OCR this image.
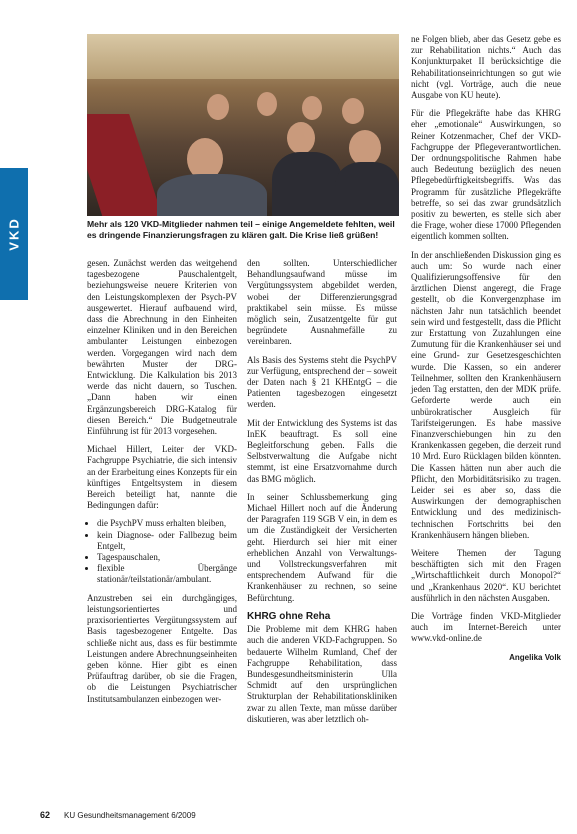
VKD	Mehr als 120 VKD-Mitglieder nahmen teil – einige Angemeldete fehlten, weil es dringende Finanzierungsfragen zu klären galt. Die Krise ließ grüßen!

gesen. Zunächst werden das weitgehend tagesbezogene Pauschalentgelt, beziehungsweise neuere Kriterien von den Leistungskomplexen der Psych-PV ausgewertet. Hierauf aufbauend wird, dass die Abrechnung in den Einheiten einzelner Kliniken und in den Bereichen ambulanter Leistungen einbezogen werden. Vorgegangen wird nach dem bewährten Muster der DRG-Entwicklung. Die Kalkulation bis 2013 werde das nicht dauern, so Tuschen. „Dann haben wir einen Ergänzungsbereich DRG-Katalog für diesen Bereich.“ Die Budgetneutrale Einführung ist für 2013 vorgesehen.

Michael Hillert, Leiter der VKD-Fachgruppe Psychiatrie, die sich intensiv an der Erarbeitung eines Konzepts für ein künftiges Entgeltsystem in diesem Bereich beteiligt hat, nannte die Bedingungen dafür:

• die PsychPV muss erhalten bleiben,
• kein Diagnose- oder Fallbezug beim Entgelt,
• Tagespauschalen,
• flexible Übergänge stationär/teilstationär/ambulant.

Anzustreben sei ein durchgängiges, leistungsorientiertes und praxisorientiertes Vergütungssystem auf Basis tagesbezogener Entgelte. Das schließe nicht aus, dass es für bestimmte Leistungen andere Abrechnungseinheiten geben könne. Hier gibt es einen Prüfauftrag darüber, ob sie die Fragen, ob die Leistungen Psychiatrischer Institutsambulanzen einbezogen wer-

den sollten. Unterschiedlicher Behandlungsaufwand müsse im Vergütungssystem abgebildet werden, wobei der Differenzierungsgrad praktikabel sein müsse. Es müsse möglich sein, Zusatzentgelte für gut begründete Ausnahmefälle zu vereinbaren.

Als Basis des Systems steht die PsychPV zur Verfügung, entsprechend der – soweit der Daten nach § 21 KHEntgG – die Patienten tagesbezogen eingesetzt werden.

Mit der Entwicklung des Systems ist das InEK beauftragt. Es soll eine Begleitforschung geben. Falls die Selbstverwaltung die Aufgabe nicht stemmt, ist eine Ersatzvornahme durch das BMG möglich.

In seiner Schlussbemerkung ging Michael Hillert noch auf die Änderung der Paragrafen 119 SGB V ein, in dem es um die Zuständigkeit der Versicherten geht. Hierdurch sei hier mit einer erheblichen Anzahl von Verwaltungs- und Vollstreckungsverfahren mit entsprechendem Aufwand für die Krankenhäuser zu rechnen, so seine Befürchtung.

KHRG ohne Reha

Die Probleme mit dem KHRG haben auch die anderen VKD-Fachgruppen. So bedauerte Wilhelm Rumland, Chef der Fachgruppe Rehabilitation, dass Bundesgesundheitsministerin Ulla Schmidt auf den ursprünglichen Strukturplan der Rehabilitationskliniken zwar zu allen Texte, man müsse darüber diskutieren, was aber letztlich oh-

ne Folgen blieb, aber das Gesetz gebe es zur Rehabilitation nichts.“ Auch das Konjunkturpaket II berücksichtige die Rehabilitationseinrichtungen so gut wie nicht (vgl. Vorträge, auch die neue Ausgabe von KU heute).

Für die Pflegekräfte habe das KHRG eher „emotionale“ Auswirkungen, so Reiner Kotzenmacher, Chef der VKD-Fachgruppe der Pflegeverantwortlichen. Der ordnungspolitische Rahmen habe auch Bedeutung bezüglich des neuen Pflegebedürftigkeitsbegriffs. Was das Programm für zusätzliche Pflegekräfte betreffe, so sei das zwar grundsätzlich positiv zu bewerten, es stelle sich aber die Frage, woher diese 17000 Pflegenden eigentlich kommen sollten.

In der anschließenden Diskussion ging es auch um: So wurde nach einer Qualifizierungsoffensive für den ärztlichen Dienst angeregt, die Frage gestellt, ob die Konvergenzphase im nächsten Jahr nun tatsächlich beendet sein wird und festgestellt, dass die Pflicht zur Erstattung von Zuzahlungen eine Zumutung für die Krankenhäuser sei und eine Grund- zur Gesetzesgeschichten wurde. Die Kassen, so ein anderer Teilnehmer, sollten den Krankenhäusern jeden Tag erstatten, den der MDK prüfe. Geforderte werde auch ein unbürokratischer Ausgleich für Tarifsteigerungen. Es habe massive Finanzverschiebungen hin zu den Krankenkassen gegeben, die derzeit rund 10 Mrd. Euro Rücklagen bilden könnten. Die Kassen hätten nun aber auch die Pflicht, den Morbiditätsrisiko zu tragen. Leider sei es aber so, dass die Auswirkungen der demographischen Entwicklung und des medizinisch-technischen Fortschritts bei den Krankenhäusern hängen blieben.

Weitere Themen der Tagung beschäftigten sich mit den Fragen „Wirtschaftlichkeit durch Monopol?“ und „Krankenhaus 2020“. KU berichtet ausführlich in den nächsten Ausgaben.

Die Vorträge finden VKD-Mitglieder auch im Internet-Bereich unter www.vkd-online.de

Angelika Volk
62 KU Gesundheitsmanagement 6/2009
